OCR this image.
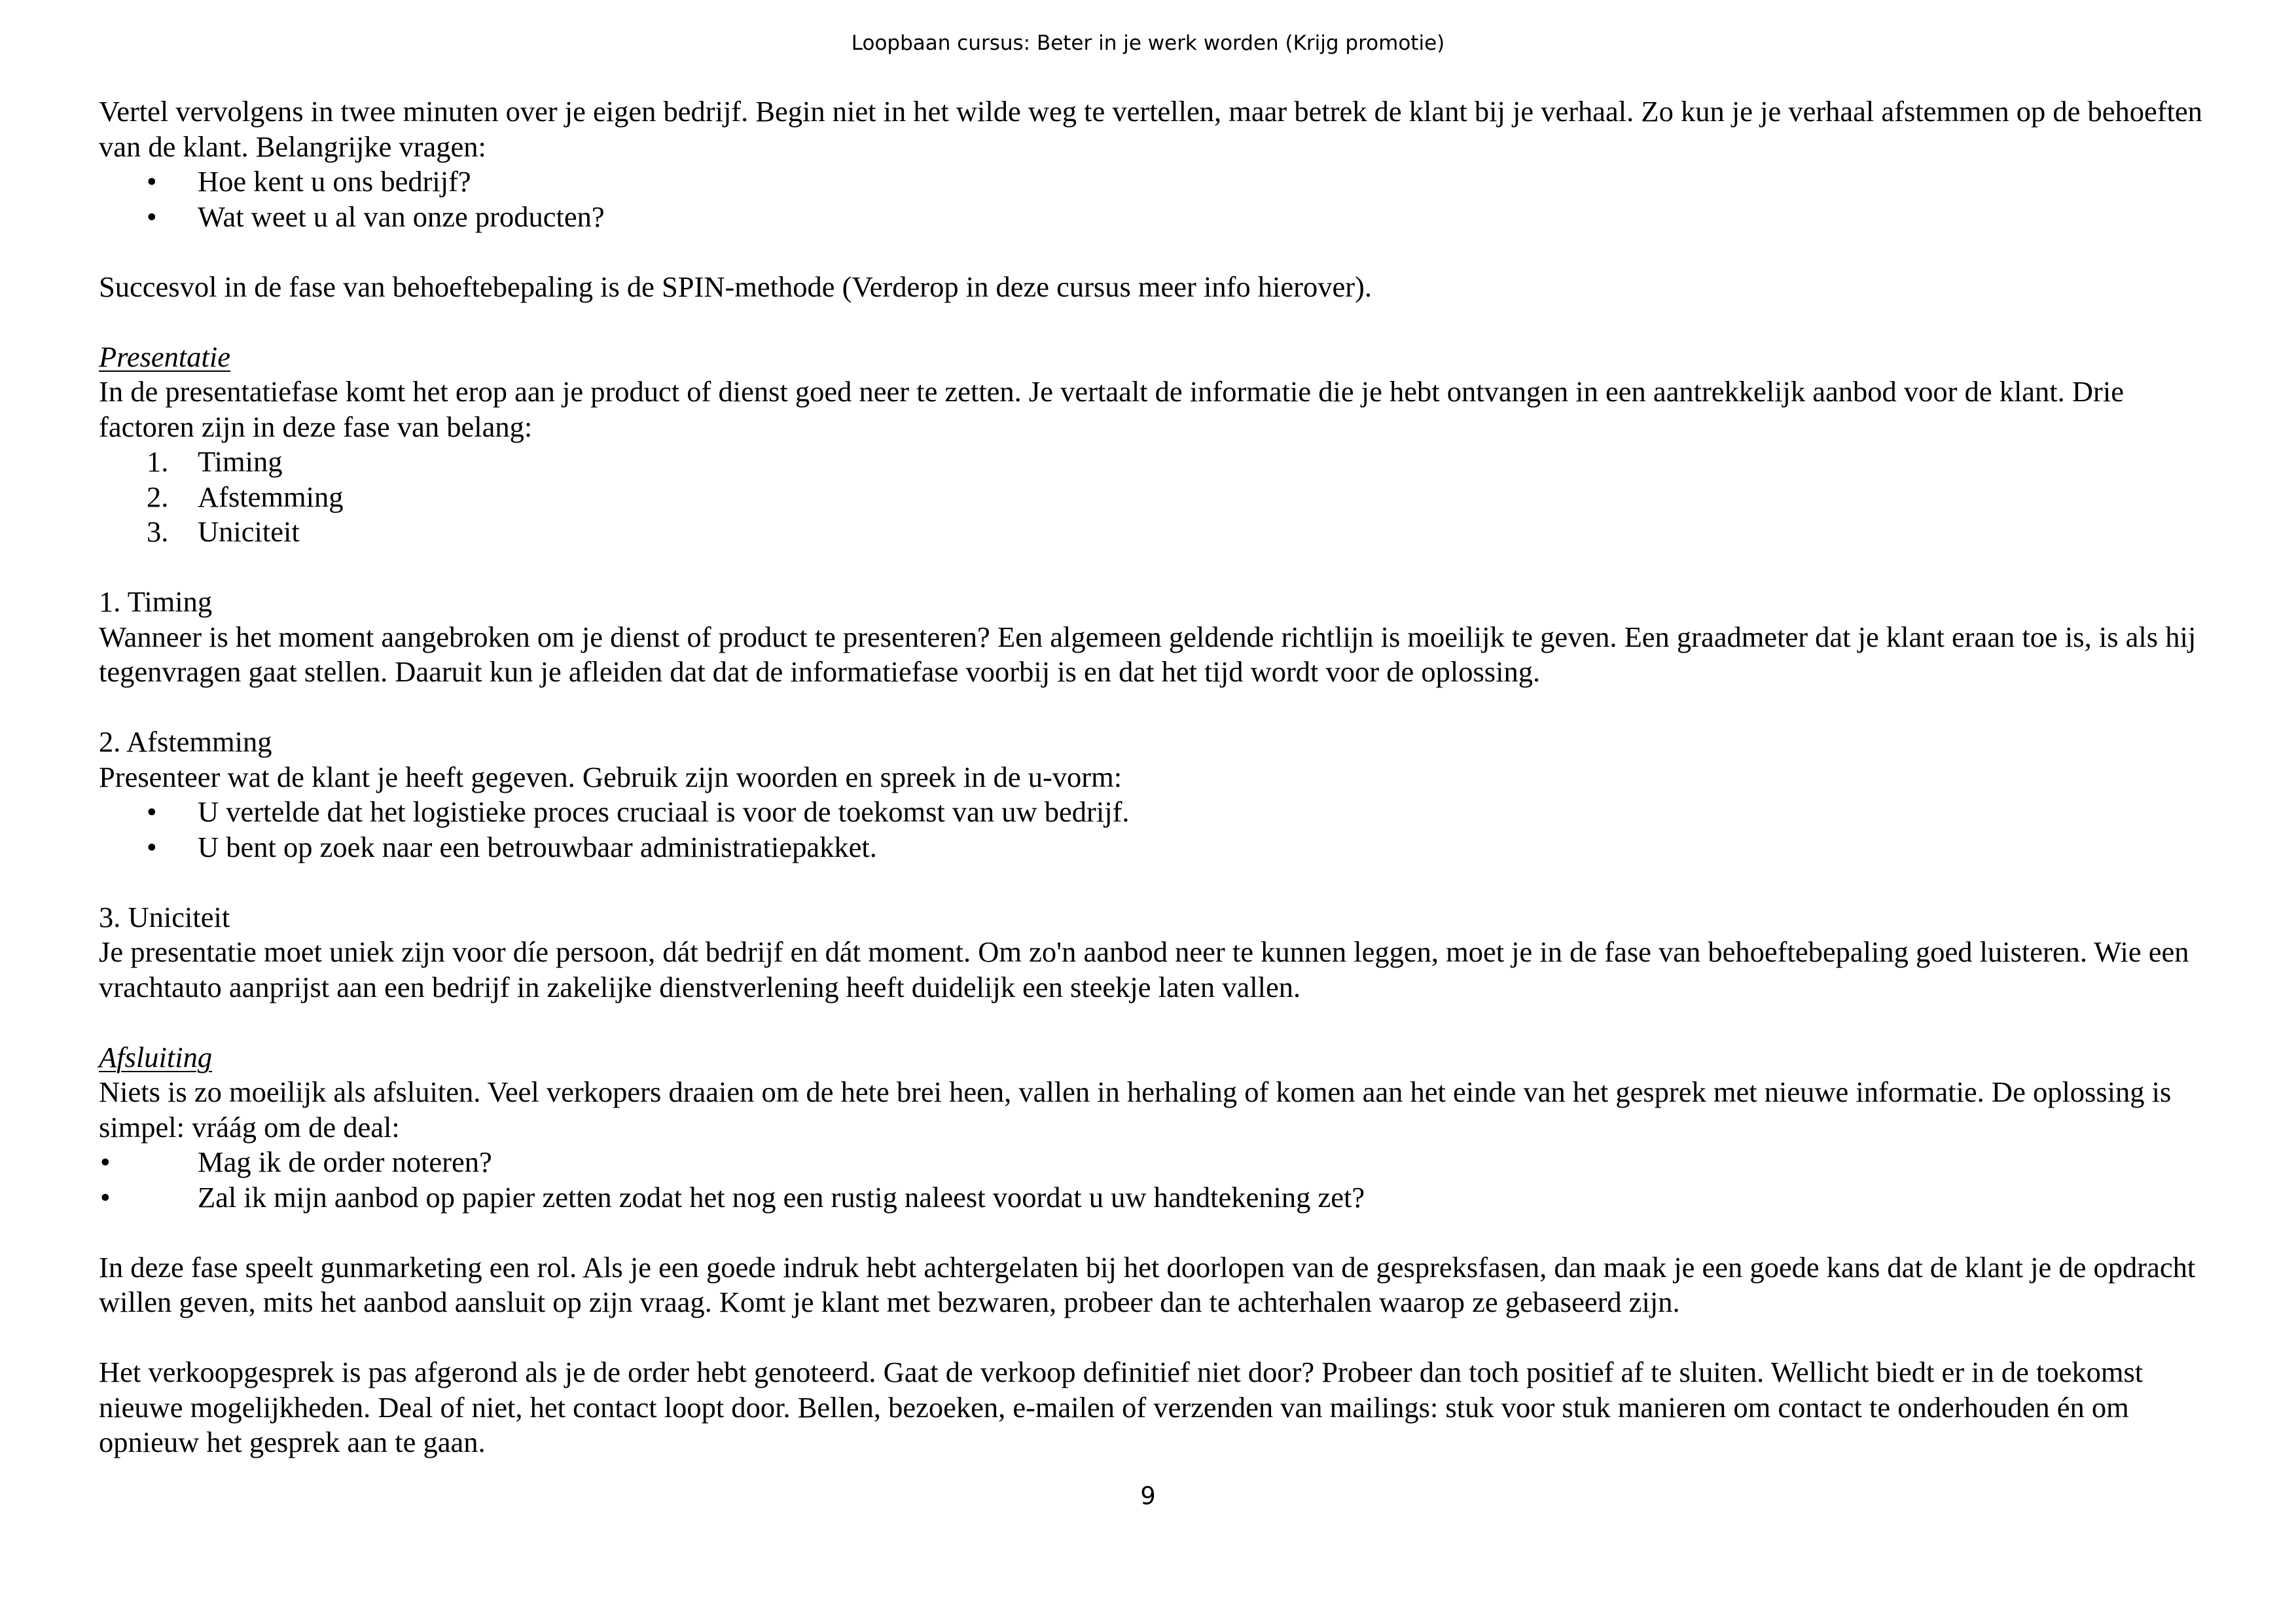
Loopbaan cursus: Beter in je werk worden (Krijg promotie)

Vertel vervolgens in twee minuten over je eigen bedrijf. Begin niet in het wilde weg te vertellen, maar betrek de klant bij je verhaal. Zo kun je je verhaal afstemmen op de behoeften van de klant. Belangrijke vragen:

• Hoe kent u ons bedrijf?
• Wat weet u al van onze producten?

Succesvol in de fase van behoeftebepaling is de SPIN-methode (Verderop in deze cursus meer info hierover).

Presentatie

In de presentatiefase komt het erop aan je product of dienst goed neer te zetten. Je vertaalt de informatie die je hebt ontvangen in een aantrekkelijk aanbod voor de klant. Drie factoren zijn in deze fase van belang:

1. Timing
2. Afstemming
3. Uniciteit

1. Timing

Wanneer is het moment aangebroken om je dienst of product te presenteren? Een algemeen geldende richtlijn is moeilijk te geven. Een graadmeter dat je klant eraan toe is, is als hij tegenvragen gaat stellen. Daaruit kun je afleiden dat dat de informatiefase voorbij is en dat het tijd wordt voor de oplossing.

2. Afstemming

Presenteer wat de klant je heeft gegeven. Gebruik zijn woorden en spreek in de u-vorm:

• U vertelde dat het logistieke proces cruciaal is voor de toekomst van uw bedrijf.
• U bent op zoek naar een betrouwbaar administratiepakket.

3. Uniciteit

Je presentatie moet uniek zijn voor díe persoon, dát bedrijf en dát moment. Om zo'n aanbod neer te kunnen leggen, moet je in de fase van behoeftebepaling goed luisteren. Wie een vrachtauto aanprijst aan een bedrijf in zakelijke dienstverlening heeft duidelijk een steekje laten vallen.

Afsluiting

Niets is zo moeilijk als afsluiten. Veel verkopers draaien om de hete brei heen, vallen in herhaling of komen aan het einde van het gesprek met nieuwe informatie. De oplossing is simpel: vráág om de deal:

•	Mag ik de order noteren?
•	Zal ik mijn aanbod op papier zetten zodat het nog een rustig naleest voordat u uw handtekening zet?

In deze fase speelt gunmarketing een rol. Als je een goede indruk hebt achtergelaten bij het doorlopen van de gespreksfasen, dan maak je een goede kans dat de klant je de opdracht willen geven, mits het aanbod aansluit op zijn vraag. Komt je klant met bezwaren, probeer dan te achterhalen waarop ze gebaseerd zijn.

Het verkoopgesprek is pas afgerond als je de order hebt genoteerd. Gaat de verkoop definitief niet door? Probeer dan toch positief af te sluiten. Wellicht biedt er in de toekomst nieuwe mogelijkheden. Deal of niet, het contact loopt door. Bellen, bezoeken, e-mailen of verzenden van mailings: stuk voor stuk manieren om contact te onderhouden én om opnieuw het gesprek aan te gaan.

9
